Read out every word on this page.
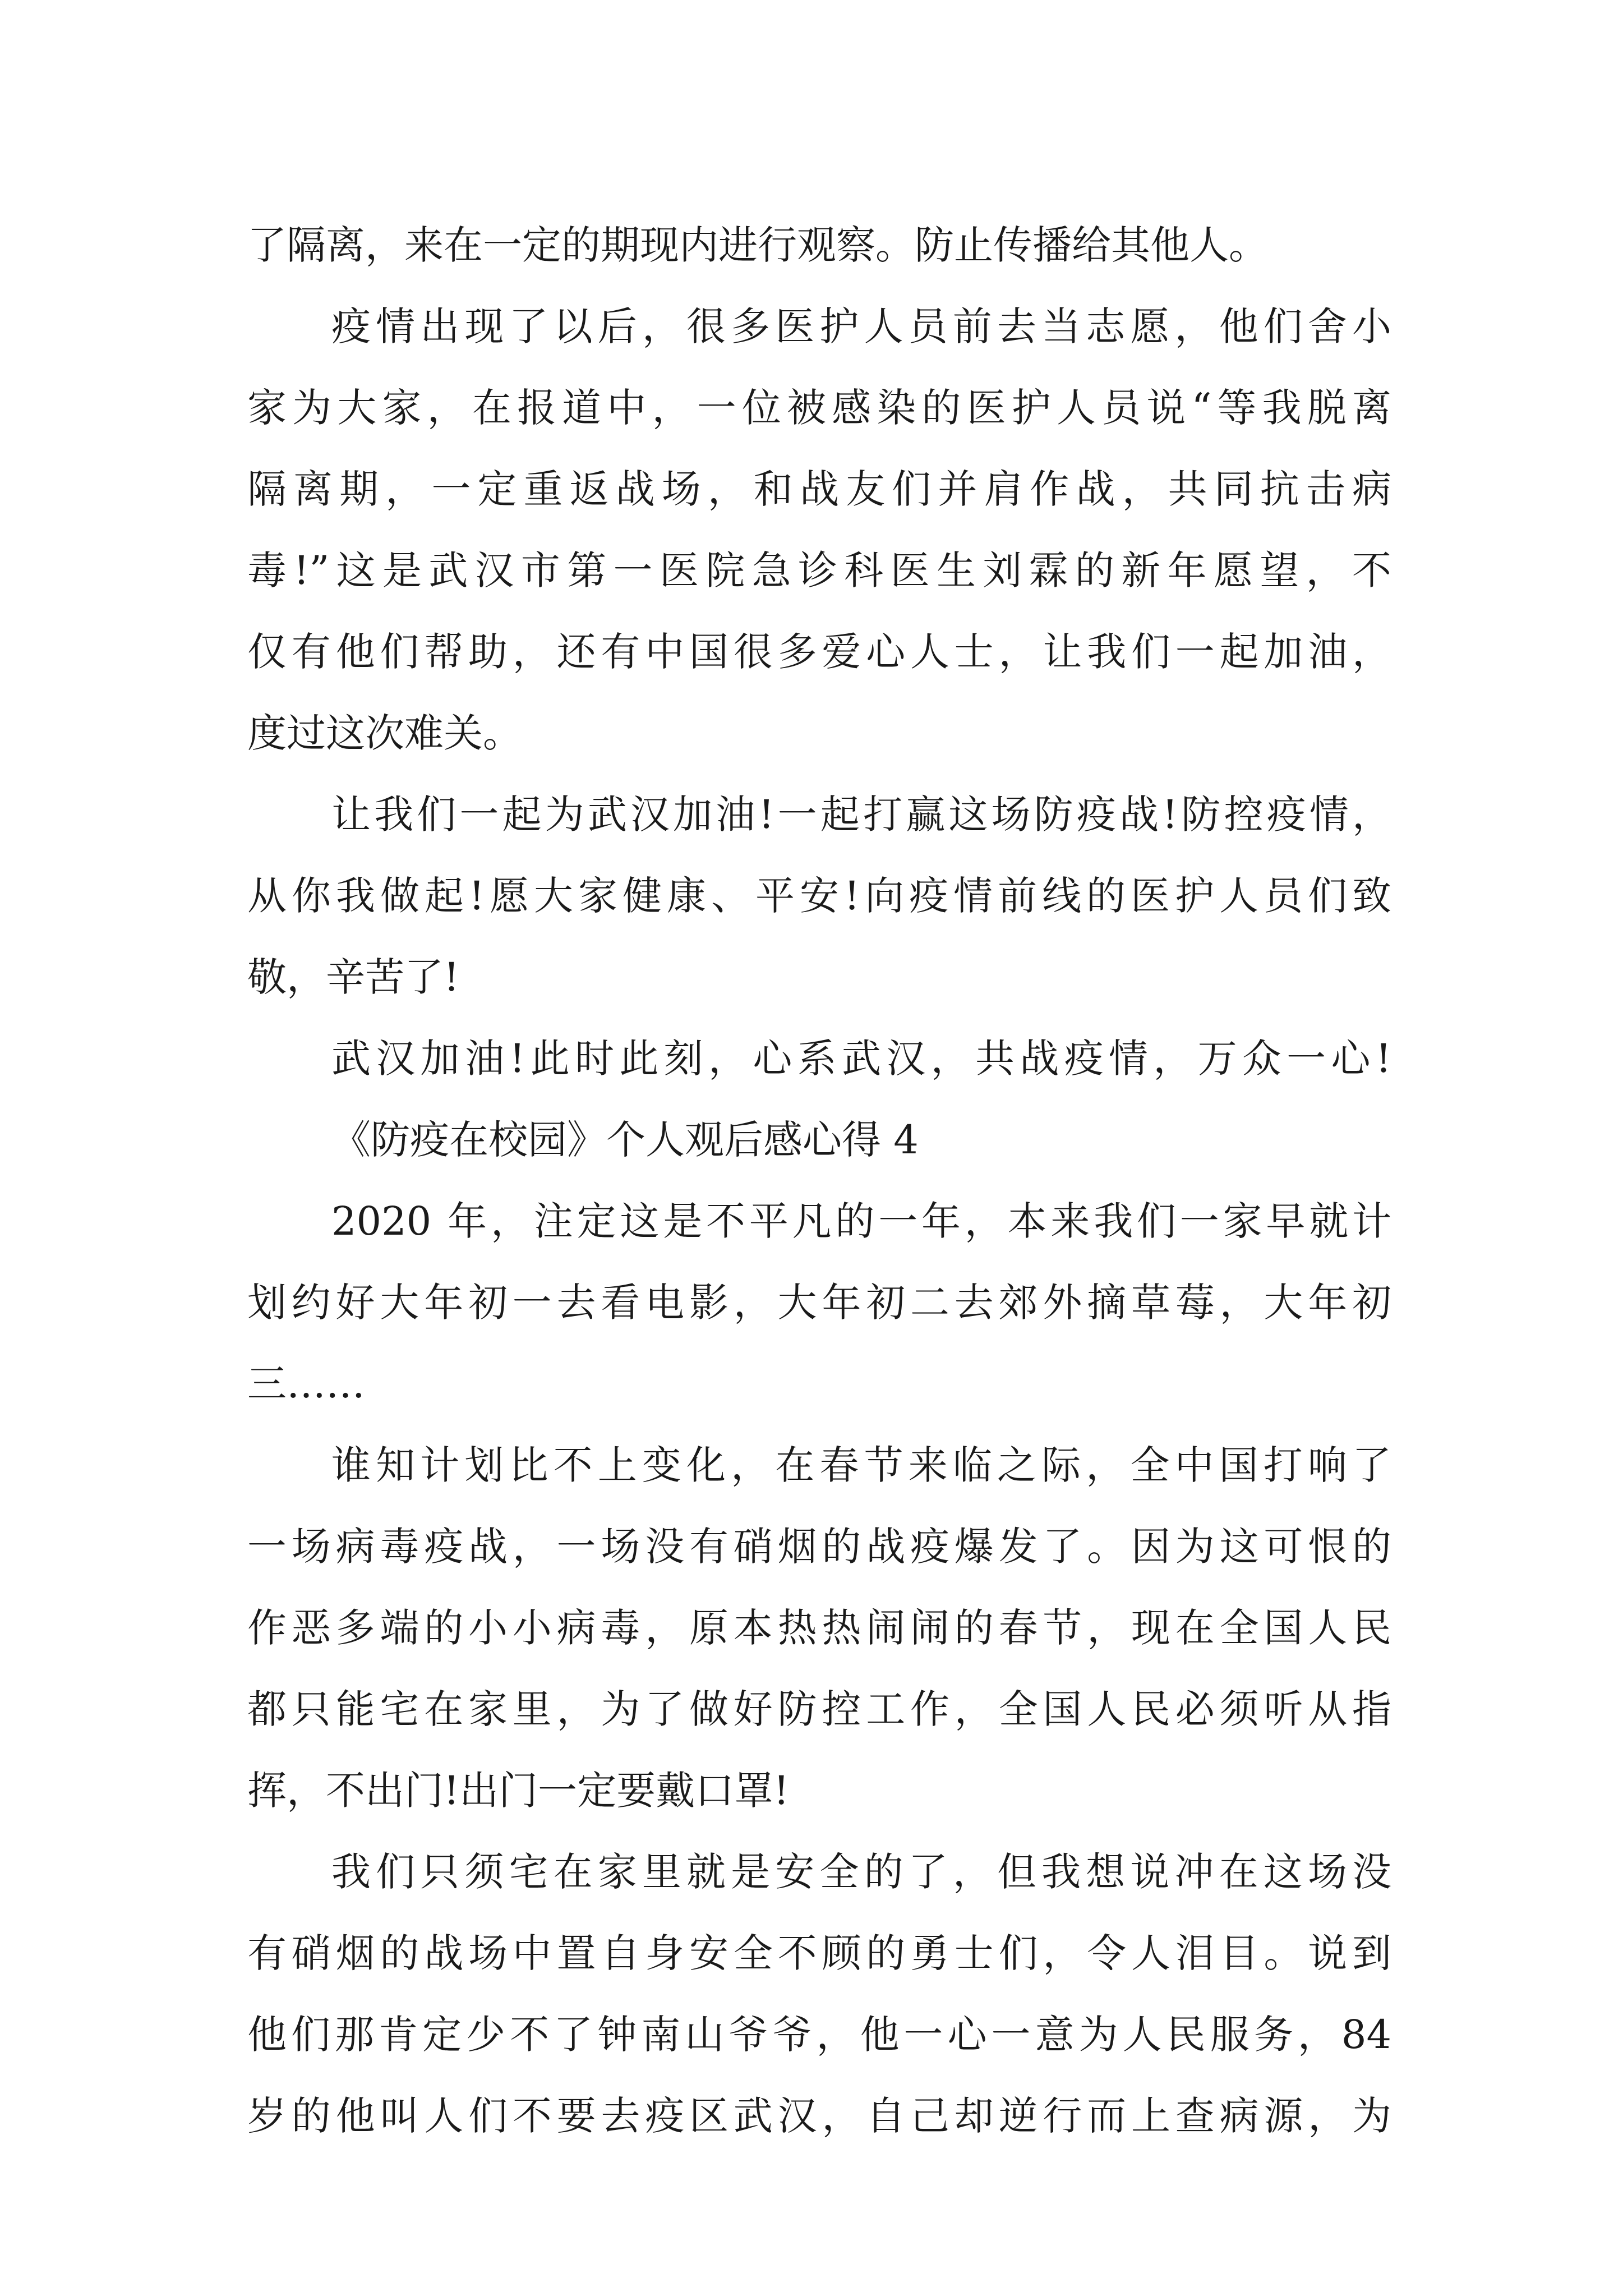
了隔离，来在一定的期现内进行观察。防止传播给其他人。

疫情出现了以后，很多医护人员前去当志愿，他们舍小

家为大家，在报道中，一位被感染的医护人员说“等我脱离

隔离期，一定重返战场，和战友们并肩作战，共同抗击病

毒!”这是武汉市第一医院急诊科医生刘霖的新年愿望，不

仅有他们帮助，还有中国很多爱心人士，让我们一起加油，

度过这次难关。

让我们一起为武汉加油!一起打赢这场防疫战!防控疫情，

从你我做起!愿大家健康、平安!向疫情前线的医护人员们致

敬，辛苦了!

武汉加油!此时此刻，心系武汉，共战疫情，万众一心!

《防疫在校园》个人观后感心得 4

2020 年，注定这是不平凡的一年，本来我们一家早就计

划约好大年初一去看电影，大年初二去郊外摘草莓，大年初

三……

谁知计划比不上变化，在春节来临之际，全中国打响了

一场病毒疫战，一场没有硝烟的战疫爆发了。因为这可恨的

作恶多端的小小病毒，原本热热闹闹的春节，现在全国人民

都只能宅在家里，为了做好防控工作，全国人民必须听从指

挥，不出门!出门一定要戴口罩!

我们只须宅在家里就是安全的了，但我想说冲在这场没

有硝烟的战场中置自身安全不顾的勇士们，令人泪目。说到

他们那肯定少不了钟南山爷爷，他一心一意为人民服务，84

岁的他叫人们不要去疫区武汉，自己却逆行而上查病源，为
